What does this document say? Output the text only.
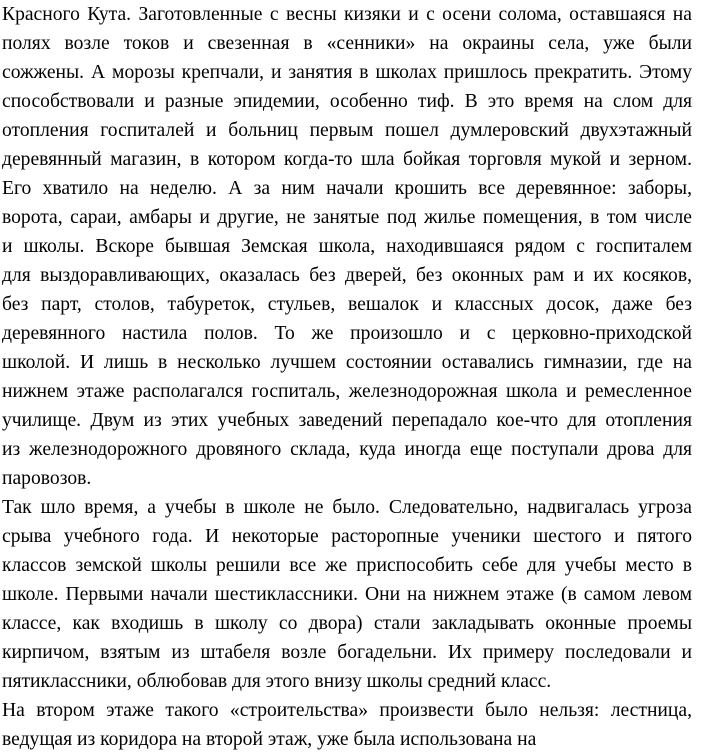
Красного Кута. Заготовленные с весны кизяки и с осени солома, оставшаяся на
полях возле токов и свезенная в «сенники» на окраины села, уже были
сожжены. А морозы крепчали, и занятия в школах пришлось прекратить. Этому
способствовали и разные эпидемии, особенно тиф. В это время на слом для
отопления госпиталей и больниц первым пошел думлеровский двухэтажный
деревянный магазин, в котором когда-то шла бойкая торговля мукой и зерном.
Его хватило на неделю. А за ним начали крошить все деревянное: заборы,
ворота, сараи, амбары и другие, не занятые под жилье помещения, в том числе
и школы. Вскоре бывшая Земская школа, находившаяся рядом с госпиталем
для выздоравливающих, оказалась без дверей, без оконных рам и их косяков,
без парт, столов, табуреток, стульев, вешалок и классных досок, даже без
деревянного настила полов. То же произошло и с церковно-приходской
школой. И лишь в несколько лучшем состоянии оставались гимназии, где на
нижнем этаже располагался госпиталь, железнодорожная школа и ремесленное
училище. Двум из этих учебных заведений перепадало кое-что для отопления
из железнодорожного дровяного склада, куда иногда еще поступали дрова для
паровозов.
Так шло время, а учебы в школе не было. Следовательно, надвигалась угроза
срыва учебного года. И некоторые расторопные ученики шестого и пятого
классов земской школы решили все же приспособить себе для учебы место в
школе. Первыми начали шестиклассники. Они на нижнем этаже (в самом левом
классе, как входишь в школу со двора) стали закладывать оконные проемы
кирпичом, взятым из штабеля возле богадельни. Их примеру последовали и
пятиклассники, облюбовав для этого внизу школы средний класс.
На втором этаже такого «строительства» произвести было нельзя: лестница,
ведущая из коридора на второй этаж, уже была использована на
